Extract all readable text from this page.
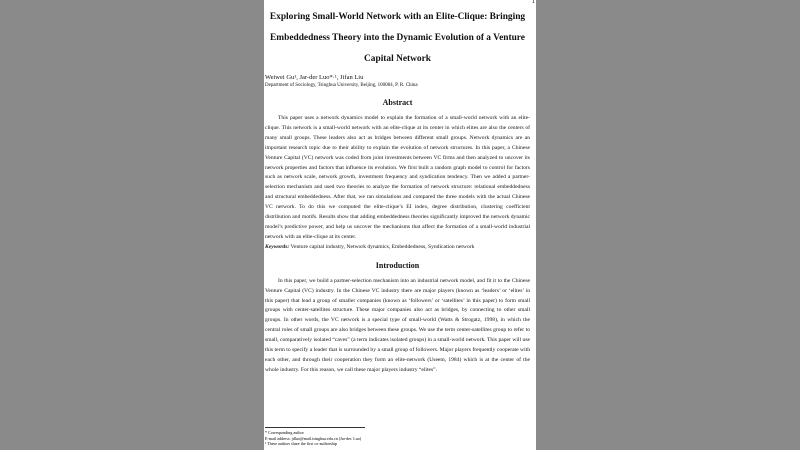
1
Exploring Small-World Network with an Elite-Clique: Bringing
Embeddedness Theory into the Dynamic Evolution of a Venture
Capital Network
Weiwei Gu¹, Jar-der Luo*·¹, Jifan Liu
Department of Sociology, Tsinghua University, Beijing, 100084, P. R. China
Abstract

This paper uses a network dynamics model to explain the formation of a small-world network with an elite-clique. This network is a small-world network with an elite-clique at its center in which elites are also the centers of many small groups. These leaders also act as bridges between different small groups. Network dynamics are an important research topic due to their ability to explain the evolution of network structures. In this paper, a Chinese Venture Capital (VC) network was coded from joint investments between VC firms and then analyzed to uncover its network properties and factors that influence its evolution. We first built a random graph model to control for factors such as network scale, network growth, investment frequency and syndication tendency. Then we added a partner-selection mechanism and used two theories to analyze the formation of network structure: relational embeddedness and structural embeddedness. After that, we ran simulations and compared the three models with the actual Chinese VC network. To do this we computed the elite-clique’s EI index, degree distribution, clustering coefficient distribution and motifs. Results show that adding embeddedness theories significantly improved the network dynamic model’s predictive power, and help us uncover the mechanisms that affect the formation of a small-world industrial network with an elite-clique at its center.

Keywords: Venture capital industry, Network dynamics, Embeddedness, Syndication network

Introduction

In this paper, we build a partner-selection mechanism into an industrial network model, and fit it to the Chinese Venture Capital (VC) industry. In the Chinese VC industry there are major players (known as ‘leaders’ or ‘elites’ in this paper) that lead a group of smaller companies (known as ‘followers’ or ‘satellites’ in this paper) to form small groups with center-satellites structure. These major companies also act as bridges, by connecting to other small groups. In other words, the VC network is a special type of small-world (Watts & Strogatz, 1998), in which the central roles of small groups are also bridges between these groups. We use the term center-satellites group to refer to small, comparatively isolated “caves” (a term indicates isolated groups) in a small-world network. This paper will use this term to specify a leader that is surrounded by a small group of followers. Major players frequently cooperate with each other, and through their cooperation they form an elite-network (Useem, 1984) which is at the center of the whole industry. For this reason, we call these major players industry “elites”.

* Corresponding author
E-mail address: jdluo@mail.tsinghua.edu.cn (Jar-der. Luo)
¹ These authors share the first co-authorship
